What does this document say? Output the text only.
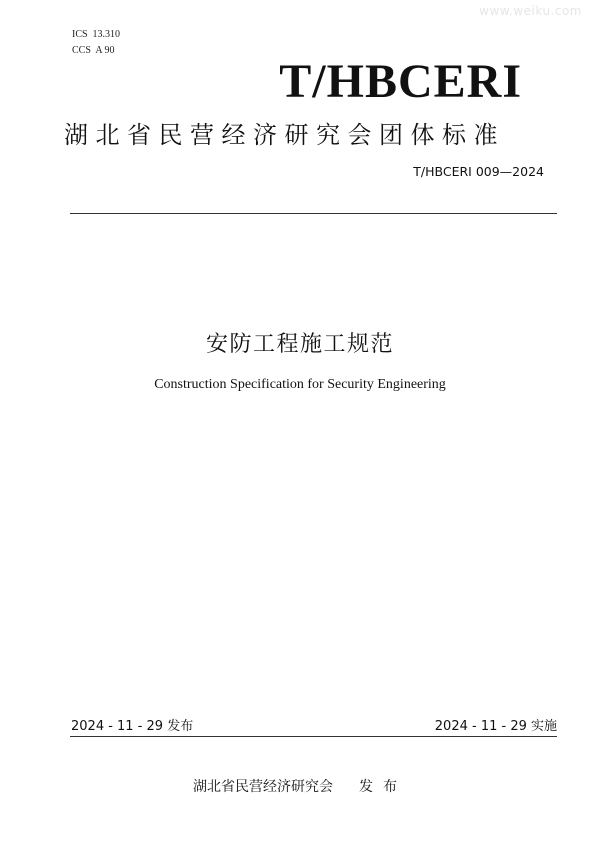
www.weiku.com
ICS  13.310
CCS  A 90
T/HBCERI
湖北省民营经济研究会团体标准
T/HBCERI 009—2024
安防工程施工规范
Construction Specification for Security Engineering
2024 - 11 - 29 发布	2024 - 11 - 29 实施
湖北省民营经济研究会 发布
